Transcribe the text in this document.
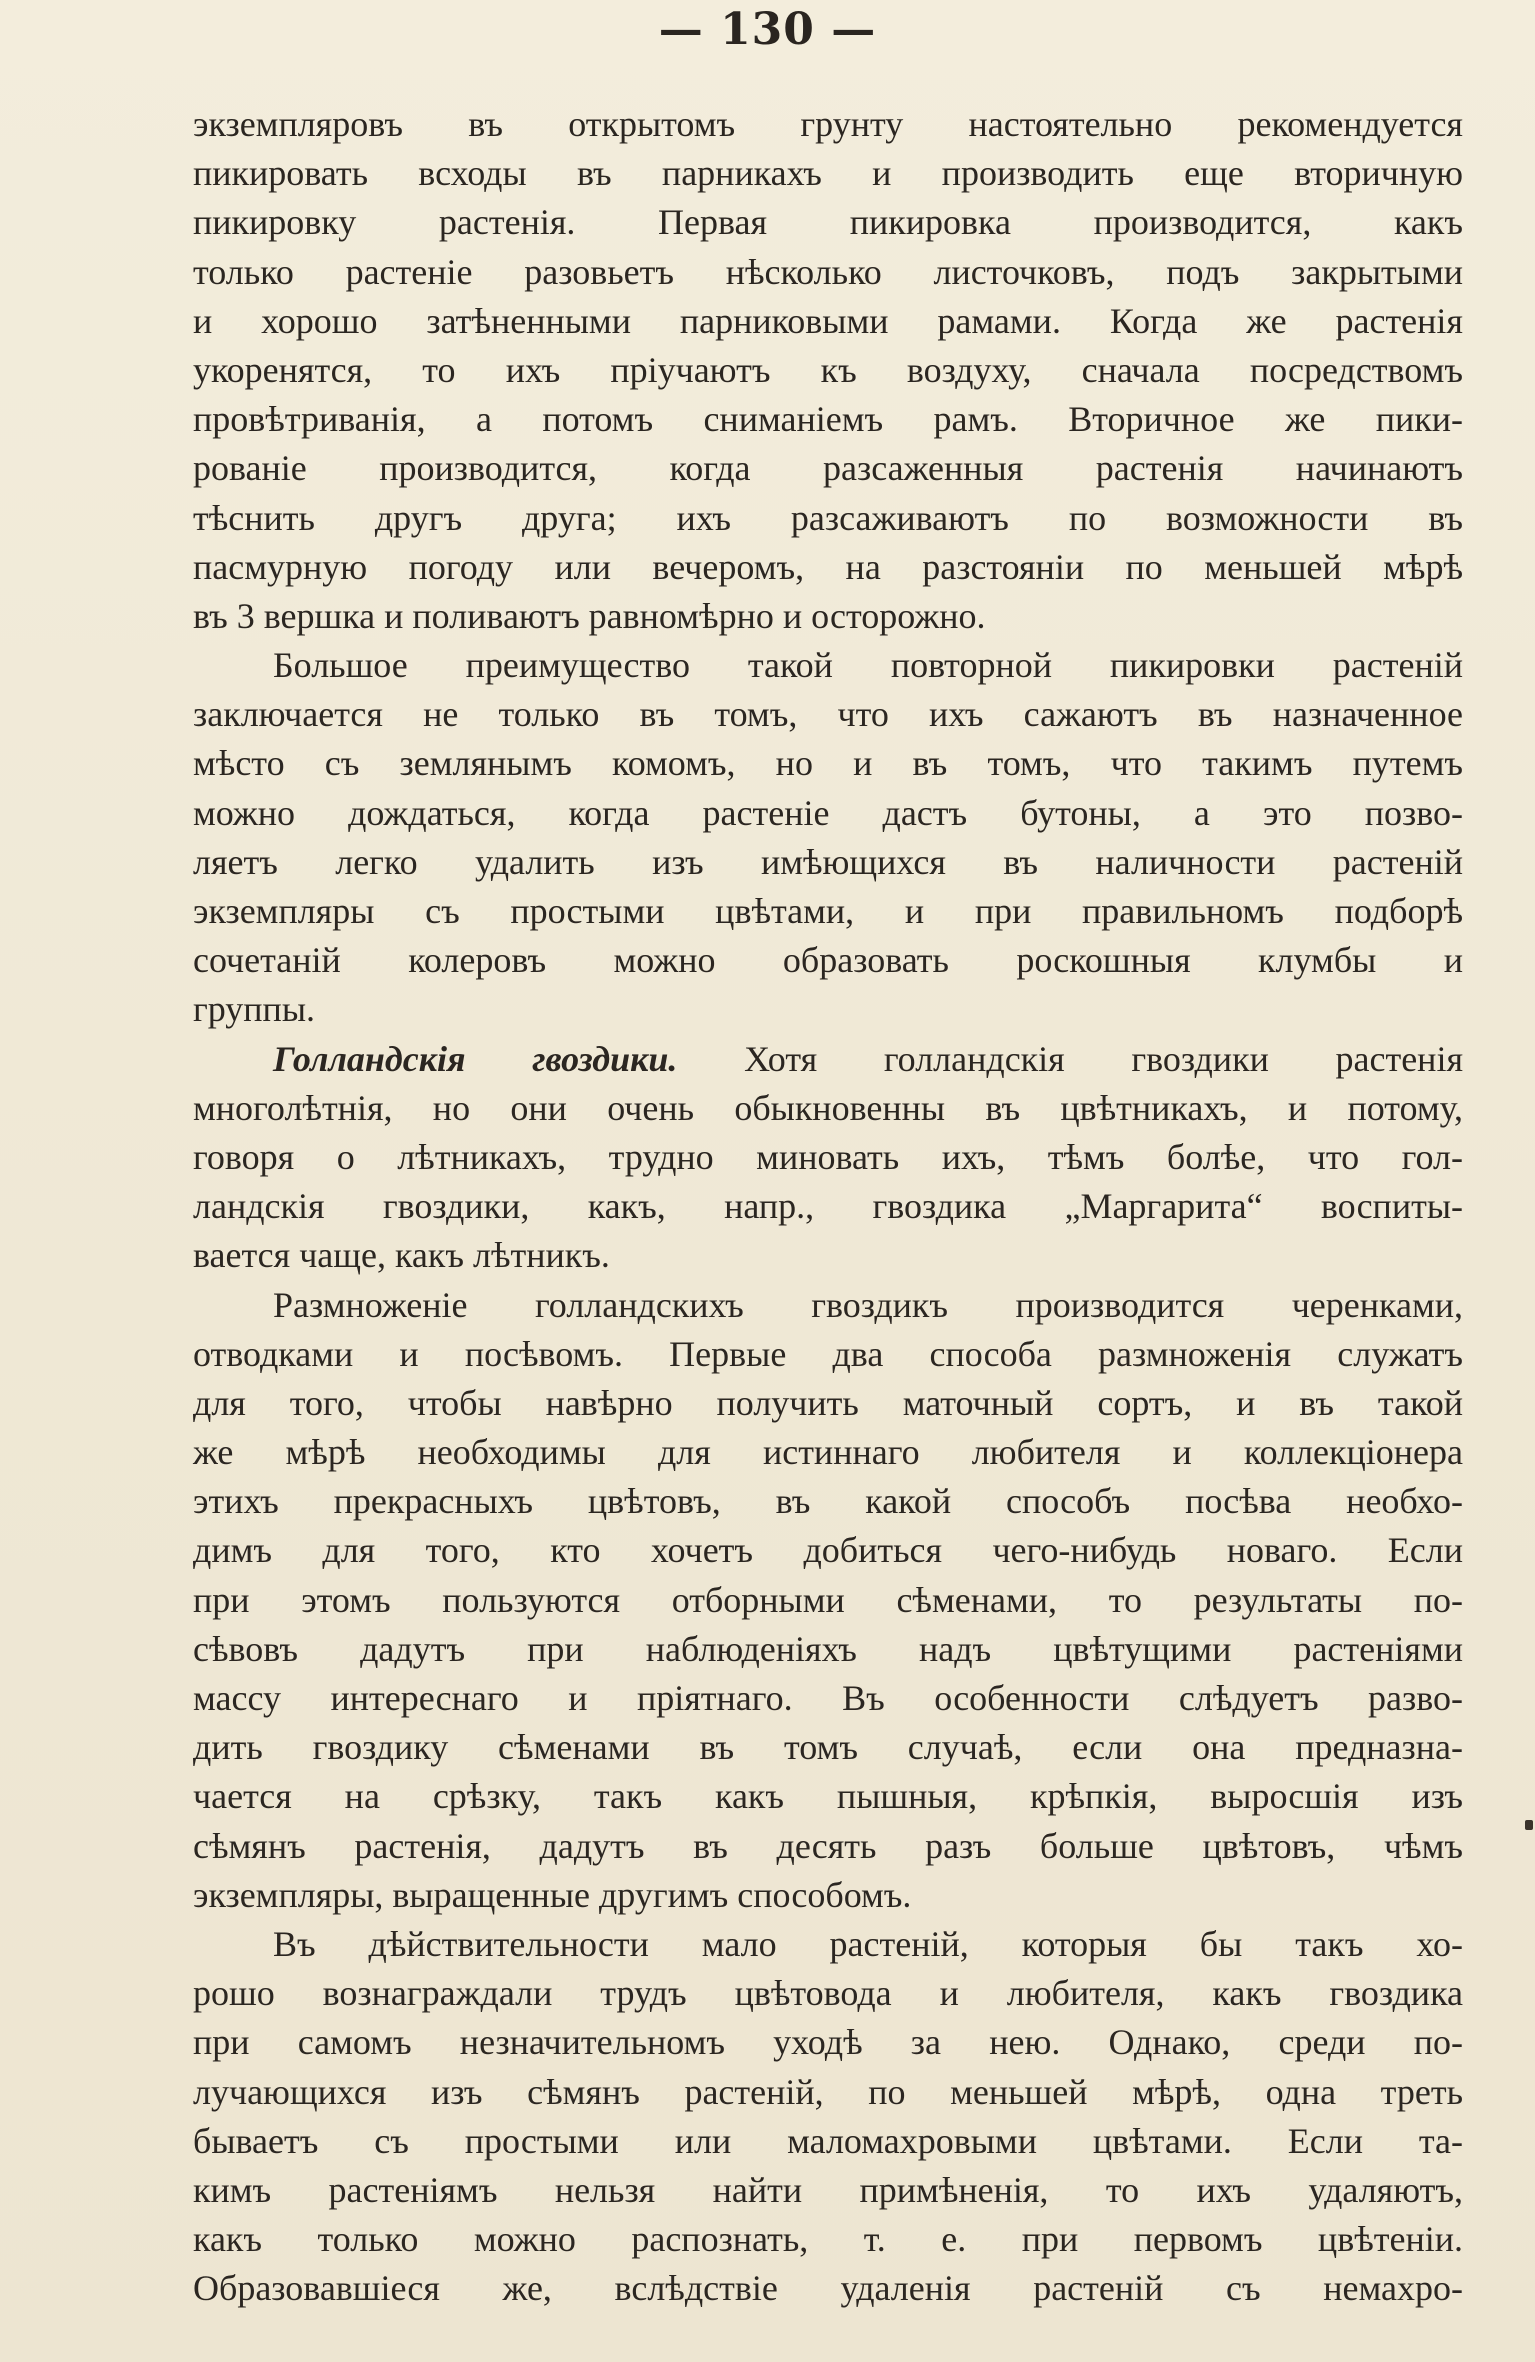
— 130 —
экземпляровъ въ открытомъ грунту настоятельно рекомендуется
пикировать всходы въ парникахъ и производить еще вторичную
пикировку растенія. Первая пикировка производится, какъ
только растеніе разовьетъ нѣсколько листочковъ, подъ закрытыми
и хорошо затѣненными парниковыми рамами. Когда же растенія
укоренятся, то ихъ пріучаютъ къ воздуху, сначала посредствомъ
провѣтриванія, а потомъ сниманіемъ рамъ. Вторичное же пики-
рованіе производится, когда разсаженныя растенія начинаютъ
тѣснить другъ друга; ихъ разсаживаютъ по возможности въ
пасмурную погоду или вечеромъ, на разстояніи по меньшей мѣрѣ
въ 3 вершка и поливаютъ равномѣрно и осторожно.
Большое преимущество такой повторной пикировки растеній
заключается не только въ томъ, что ихъ сажаютъ въ назначенное
мѣсто съ землянымъ комомъ, но и въ томъ, что такимъ путемъ
можно дождаться, когда растеніе дастъ бутоны, а это позво-
ляетъ легко удалить изъ имѣющихся въ наличности растеній
экземпляры съ простыми цвѣтами, и при правильномъ подборѣ
сочетаній колеровъ можно образовать роскошныя клумбы и
группы.
Голландскія гвоздики. Хотя голландскія гвоздики растенія
многолѣтнія, но они очень обыкновенны въ цвѣтникахъ, и потому,
говоря о лѣтникахъ, трудно миновать ихъ, тѣмъ болѣе, что гол-
ландскія гвоздики, какъ, напр., гвоздика „Маргарита“ воспиты-
вается чаще, какъ лѣтникъ.
Размноженіе голландскихъ гвоздикъ производится черенками,
отводками и посѣвомъ. Первые два способа размноженія служатъ
для того, чтобы навѣрно получить маточный сортъ, и въ такой
же мѣрѣ необходимы для истиннаго любителя и коллекціонера
этихъ прекрасныхъ цвѣтовъ, въ какой способъ посѣва необхо-
димъ для того, кто хочетъ добиться чего-нибудь новаго. Если
при этомъ пользуются отборными сѣменами, то результаты по-
сѣвовъ дадутъ при наблюденіяхъ надъ цвѣтущими растеніями
массу интереснаго и пріятнаго. Въ особенности слѣдуетъ разво-
дить гвоздику сѣменами въ томъ случаѣ, если она предназна-
чается на срѣзку, такъ какъ пышныя, крѣпкія, выросшія изъ
сѣмянъ растенія, дадутъ въ десять разъ больше цвѣтовъ, чѣмъ
экземпляры, выращенные другимъ способомъ.
Въ дѣйствительности мало растеній, которыя бы такъ хо-
рошо вознаграждали трудъ цвѣтовода и любителя, какъ гвоздика
при самомъ незначительномъ уходѣ за нею. Однако, среди по-
лучающихся изъ сѣмянъ растеній, по меньшей мѣрѣ, одна треть
бываетъ съ простыми или маломахровыми цвѣтами. Если та-
кимъ растеніямъ нельзя найти примѣненія, то ихъ удаляютъ,
какъ только можно распознать, т. е. при первомъ цвѣтеніи.
Образовавшіеся же, вслѣдствіе удаленія растеній съ немахро-
